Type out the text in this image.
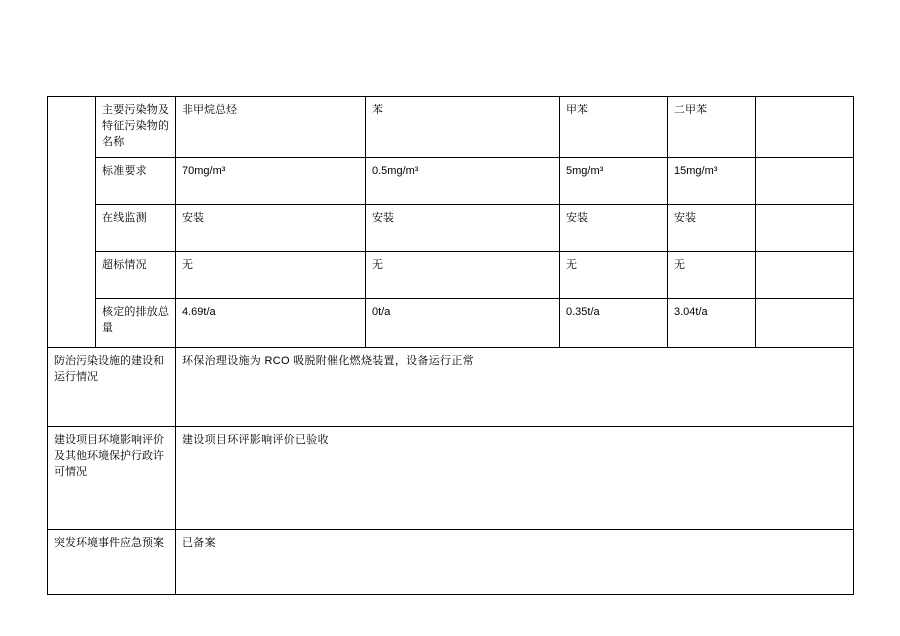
	主要污染物及特征污染物的名称	非甲烷总烃	苯	甲苯	二甲苯	
	标准要求	70mg/m³	0.5mg/m³	5mg/m³	15mg/m³	
	在线监测	安装	安装	安装	安装	
	超标情况	无	无	无	无	
	核定的排放总量	4.69t/a	0t/a	0.35t/a	3.04t/a	
防治污染设施的建设和运行情况		环保治理设施为 RCO 吸脱附催化燃烧装置，设备运行正常				
建设项目环境影响评价及其他环境保护行政许可情况		建设项目环评影响评价已验收				
突发环境事件应急预案		已备案				
